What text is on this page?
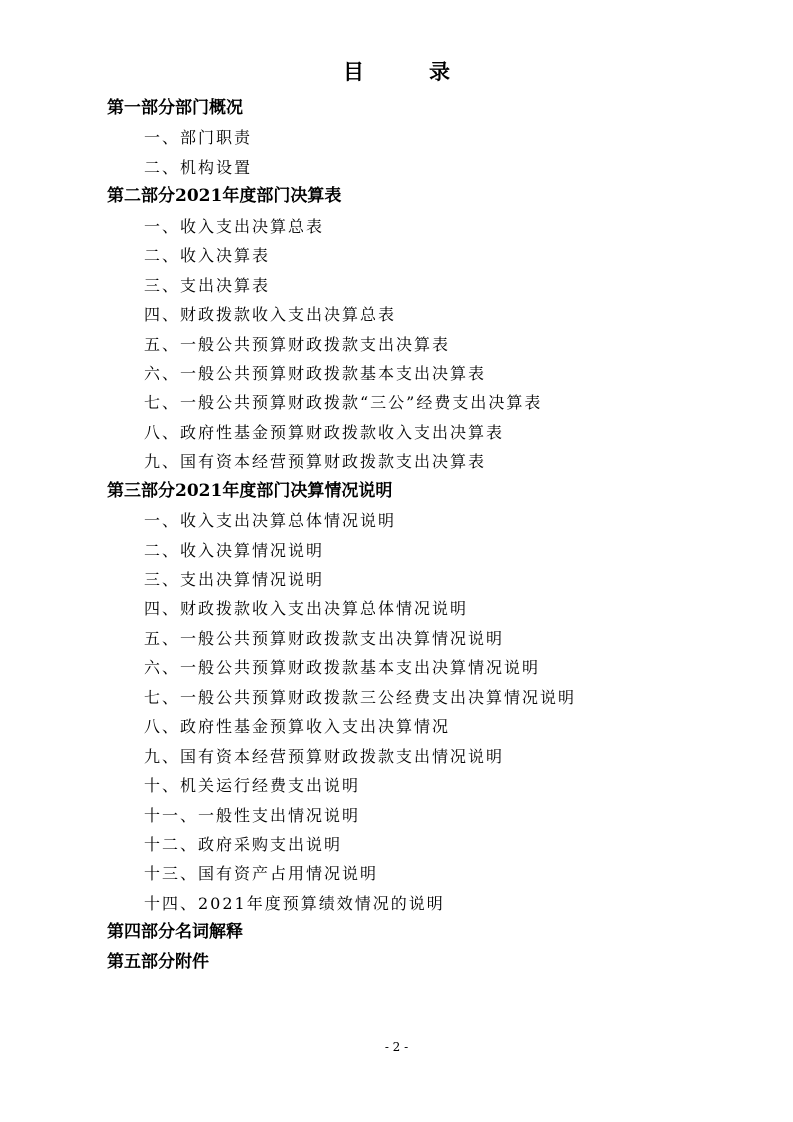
目　录
第一部分部门概况
一、部门职责
二、机构设置
第二部分2021年度部门决算表
一、收入支出决算总表
二、收入决算表
三、支出决算表
四、财政拨款收入支出决算总表
五、一般公共预算财政拨款支出决算表
六、一般公共预算财政拨款基本支出决算表
七、一般公共预算财政拨款“三公”经费支出决算表
八、政府性基金预算财政拨款收入支出决算表
九、国有资本经营预算财政拨款支出决算表
第三部分2021年度部门决算情况说明
一、收入支出决算总体情况说明
二、收入决算情况说明
三、支出决算情况说明
四、财政拨款收入支出决算总体情况说明
五、一般公共预算财政拨款支出决算情况说明
六、一般公共预算财政拨款基本支出决算情况说明
七、一般公共预算财政拨款三公经费支出决算情况说明
八、政府性基金预算收入支出决算情况
九、国有资本经营预算财政拨款支出情况说明
十、机关运行经费支出说明
十一、一般性支出情况说明
十二、政府采购支出说明
十三、国有资产占用情况说明
十四、2021年度预算绩效情况的说明
第四部分名词解释
第五部分附件
- 2 -
